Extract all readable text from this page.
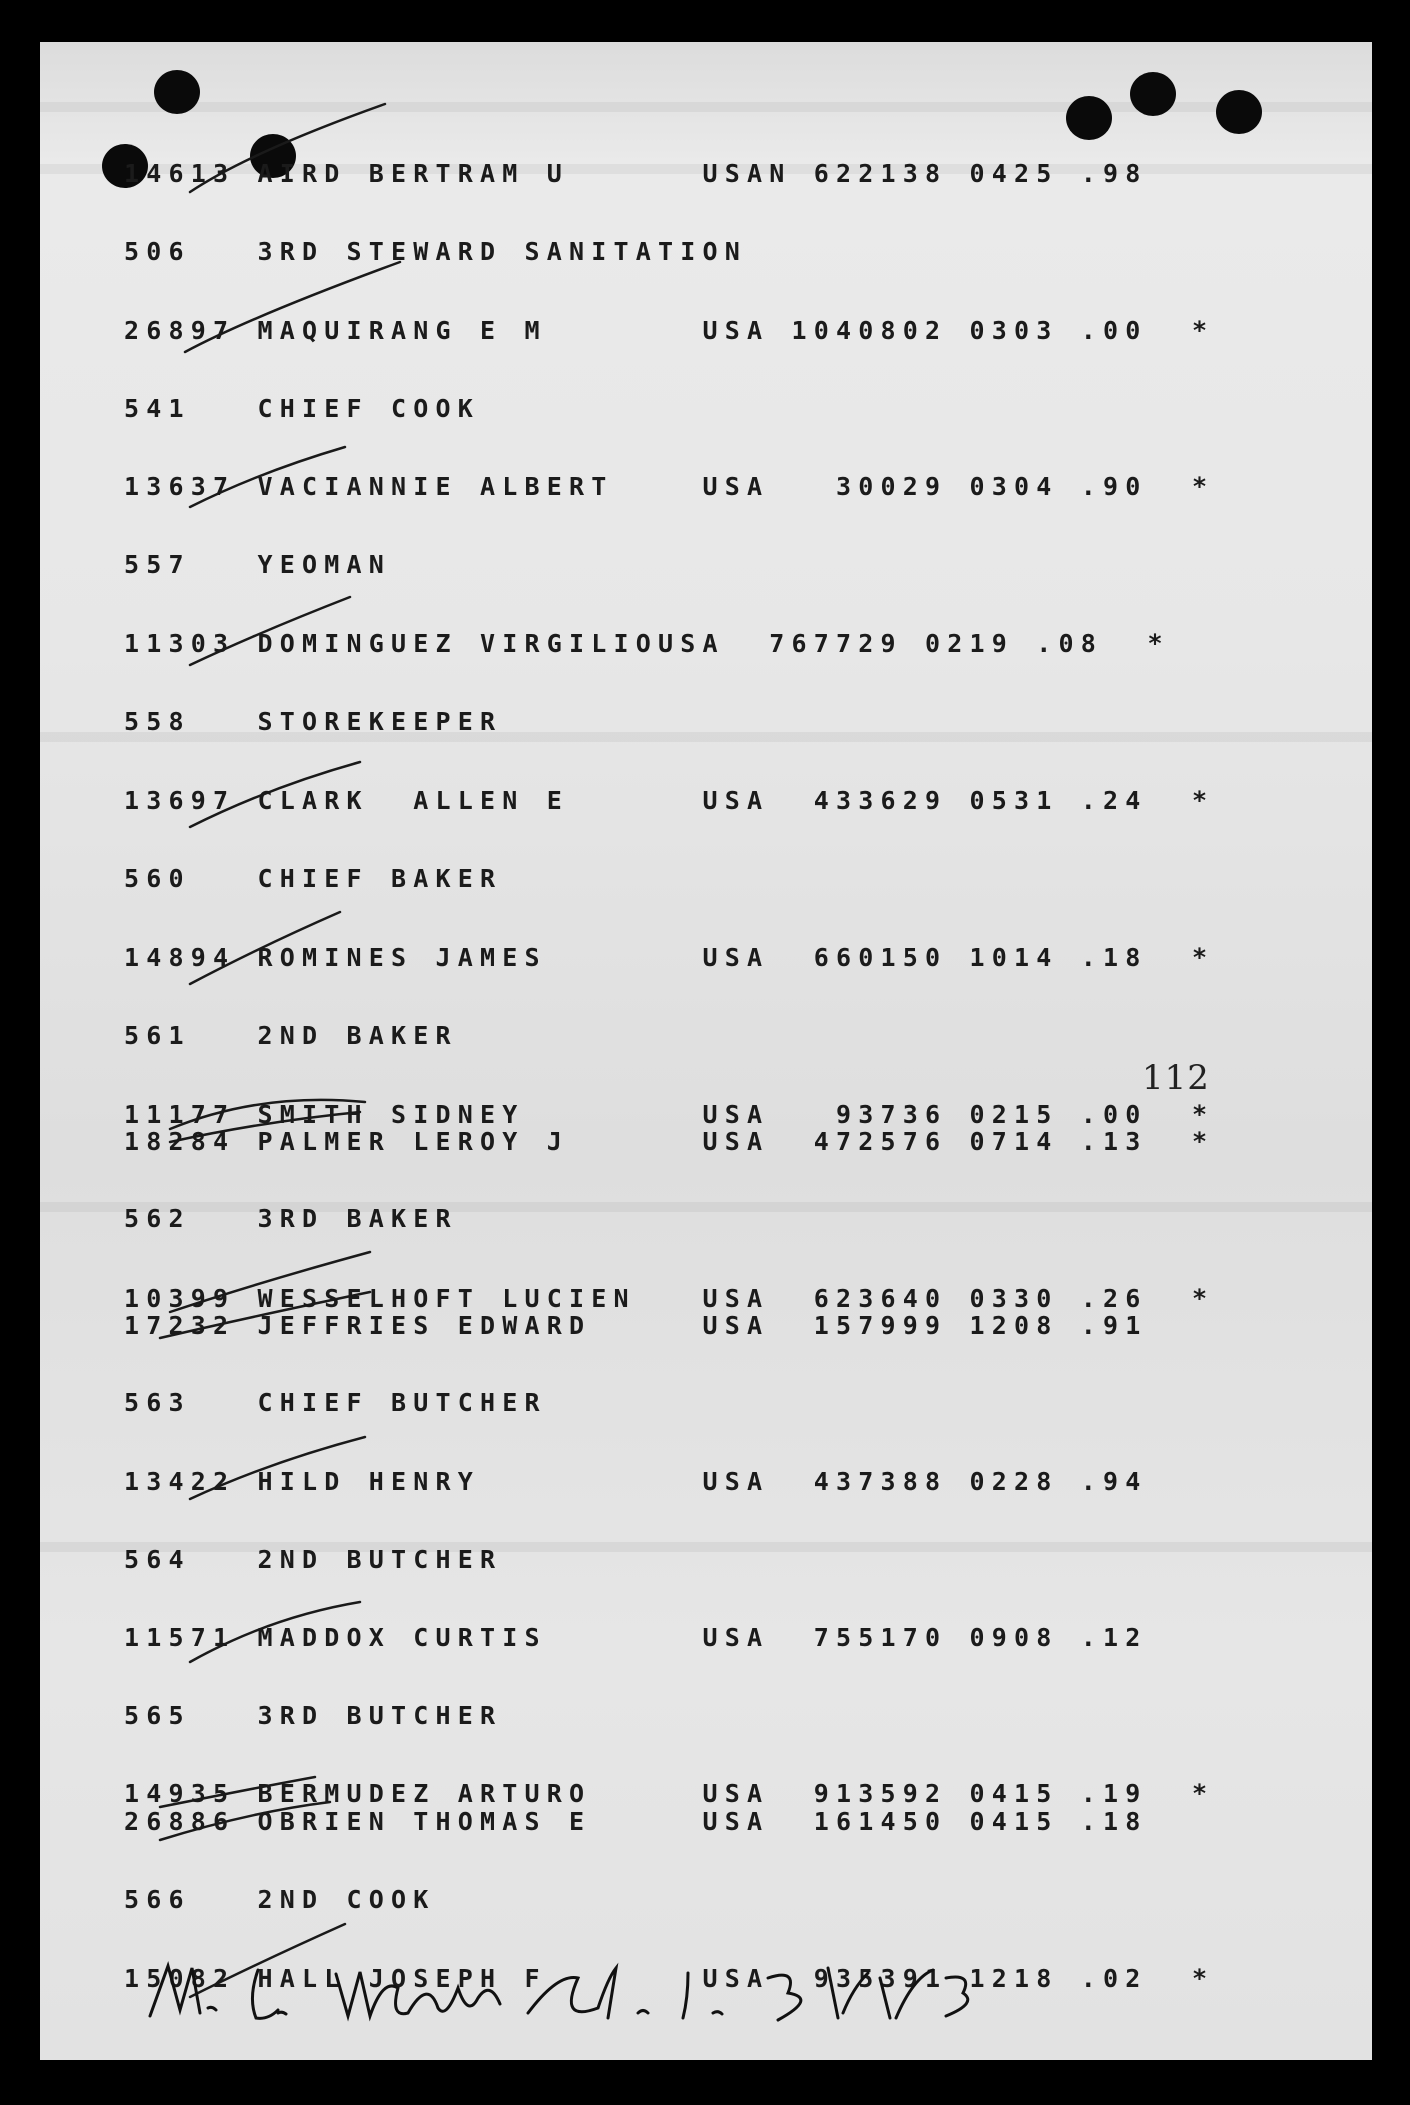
14613 AIRD BERTRAM U      USAN 622138 0425 .98
506   3RD STEWARD SANITATION
26897 MAQUIRANG E M       USA 1040802 0303 .00  *
541   CHIEF COOK
13637 VACIANNIE ALBERT    USA   30029 0304 .90  *
557   YEOMAN
11303 DOMINGUEZ VIRGILIOUSA  767729 0219 .08  *
558   STOREKEEPER
13697 CLARK  ALLEN E      USA  433629 0531 .24  *
560   CHIEF BAKER
14894 ROMINES JAMES       USA  660150 1014 .18  *
561   2ND BAKER
11177 SMITH SIDNEY        USA   93736 0215 .00  *
18284 PALMER LEROY J      USA  472576 0714 .13  *
562   3RD BAKER
10399 WESSELHOFT LUCIEN   USA  623640 0330 .26  *
17232 JEFFRIES EDWARD     USA  157999 1208 .91
563   CHIEF BUTCHER
13422 HILD HENRY          USA  437388 0228 .94
564   2ND BUTCHER
11571 MADDOX CURTIS       USA  755170 0908 .12
565   3RD BUTCHER
14935 BERMUDEZ ARTURO     USA  913592 0415 .19  *
26886 OBRIEN THOMAS E     USA  161450 0415 .18
566   2ND COOK
15082 HALL JOSEPH F       USA  935391 1218 .02  *
112
